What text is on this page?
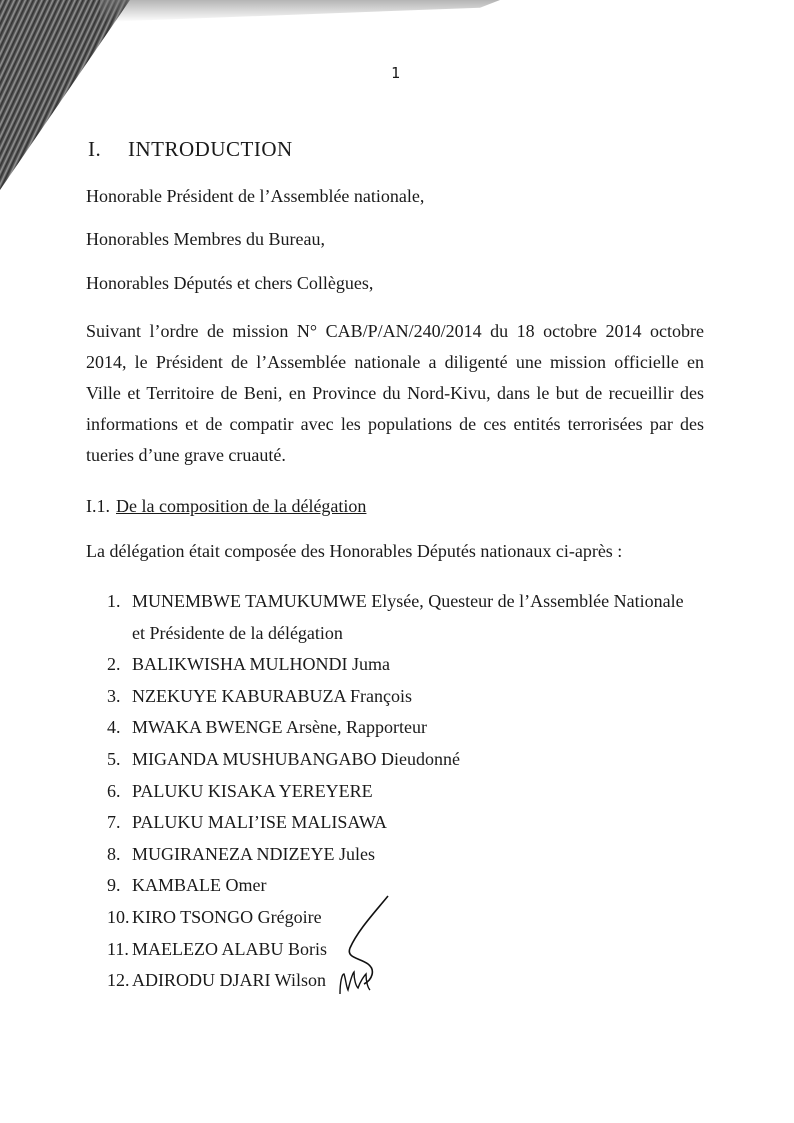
1
I. INTRODUCTION
Honorable Président de l’Assemblée nationale,
Honorables Membres du Bureau,
Honorables Députés et chers Collègues,
Suivant l’ordre de mission N° CAB/P/AN/240/2014 du 18 octobre 2014 octobre
2014, le Président de l’Assemblée nationale a diligenté une mission officielle en
Ville et Territoire de Beni, en Province du Nord-Kivu, dans le but de recueillir des
informations et de compatir avec les populations de ces entités terrorisées par des
tueries d’une grave cruauté.
I.1. De la composition de la délégation
La délégation était composée des Honorables Députés nationaux ci-après :
1. MUNEMBWE TAMUKUMWE Elysée, Questeur de l’Assemblée Nationale
et Présidente de la délégation
2. BALIKWISHA MULHONDI Juma
3. NZEKUYE KABURABUZA François
4. MWAKA BWENGE Arsène, Rapporteur
5. MIGANDA MUSHUBANGABO Dieudonné
6. PALUKU KISAKA YEREYERE
7. PALUKU MALI’ISE MALISAWA
8. MUGIRANEZA NDIZEYE Jules
9. KAMBALE Omer
10. KIRO TSONGO Grégoire
11. MAELEZO ALABU Boris
12. ADIRODU DJARI Wilson
